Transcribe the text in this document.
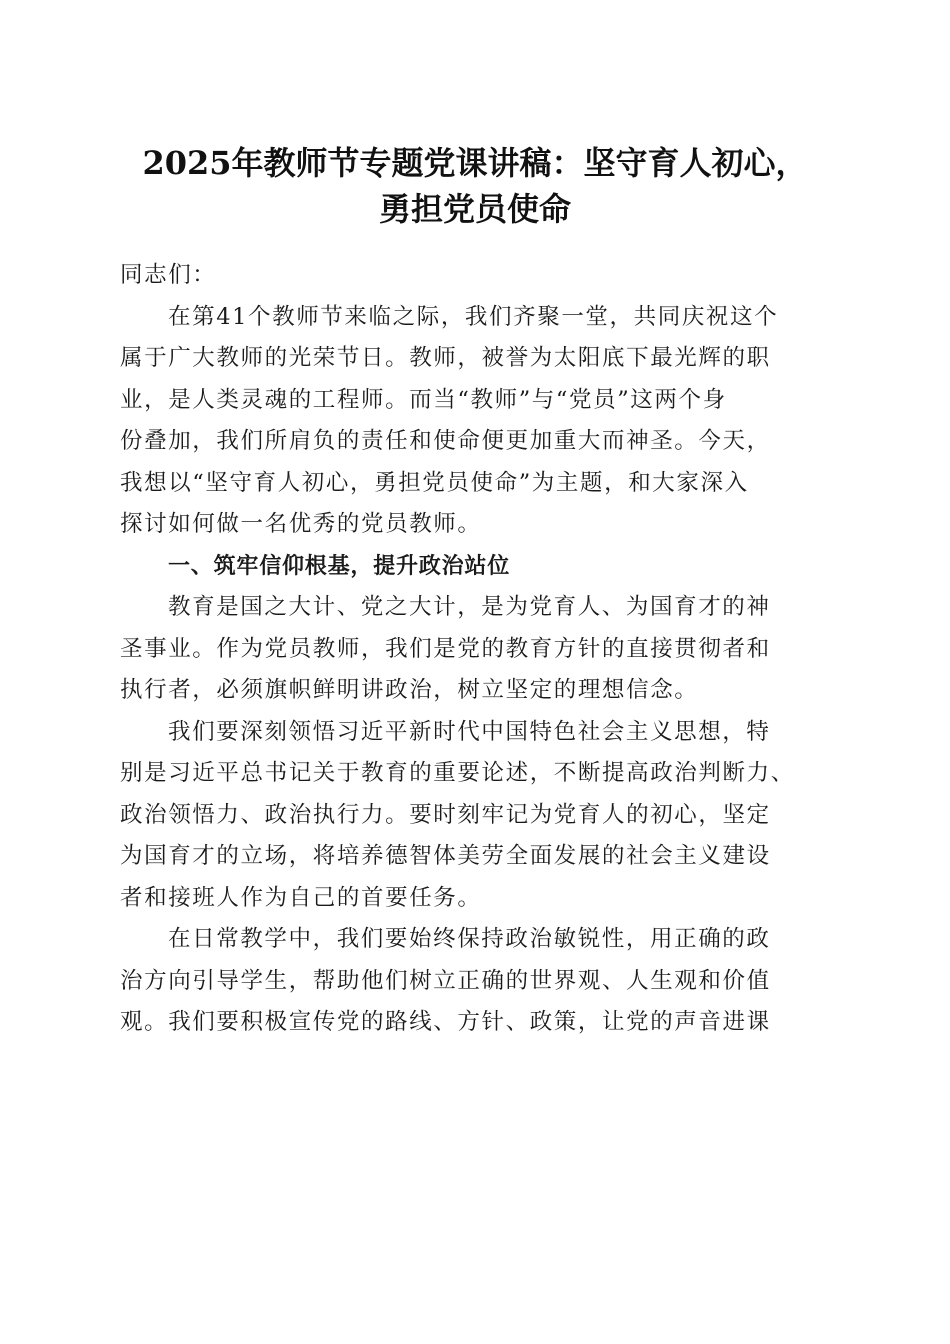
2025年教师节专题党课讲稿：坚守育人初心，
勇担党员使命
同志们：
在第41个教师节来临之际，我们齐聚一堂，共同庆祝这个
属于广大教师的光荣节日。教师，被誉为太阳底下最光辉的职
业，是人类灵魂的工程师。而当“教师”与“党员”这两个身
份叠加，我们所肩负的责任和使命便更加重大而神圣。今天，
我想以“坚守育人初心，勇担党员使命”为主题，和大家深入
探讨如何做一名优秀的党员教师。
一、筑牢信仰根基，提升政治站位
教育是国之大计、党之大计，是为党育人、为国育才的神
圣事业。作为党员教师，我们是党的教育方针的直接贯彻者和
执行者，必须旗帜鲜明讲政治，树立坚定的理想信念。
我们要深刻领悟习近平新时代中国特色社会主义思想，特
别是习近平总书记关于教育的重要论述，不断提高政治判断力、
政治领悟力、政治执行力。要时刻牢记为党育人的初心，坚定
为国育才的立场，将培养德智体美劳全面发展的社会主义建设
者和接班人作为自己的首要任务。
在日常教学中，我们要始终保持政治敏锐性，用正确的政
治方向引导学生，帮助他们树立正确的世界观、人生观和价值
观。我们要积极宣传党的路线、方针、政策，让党的声音进课
